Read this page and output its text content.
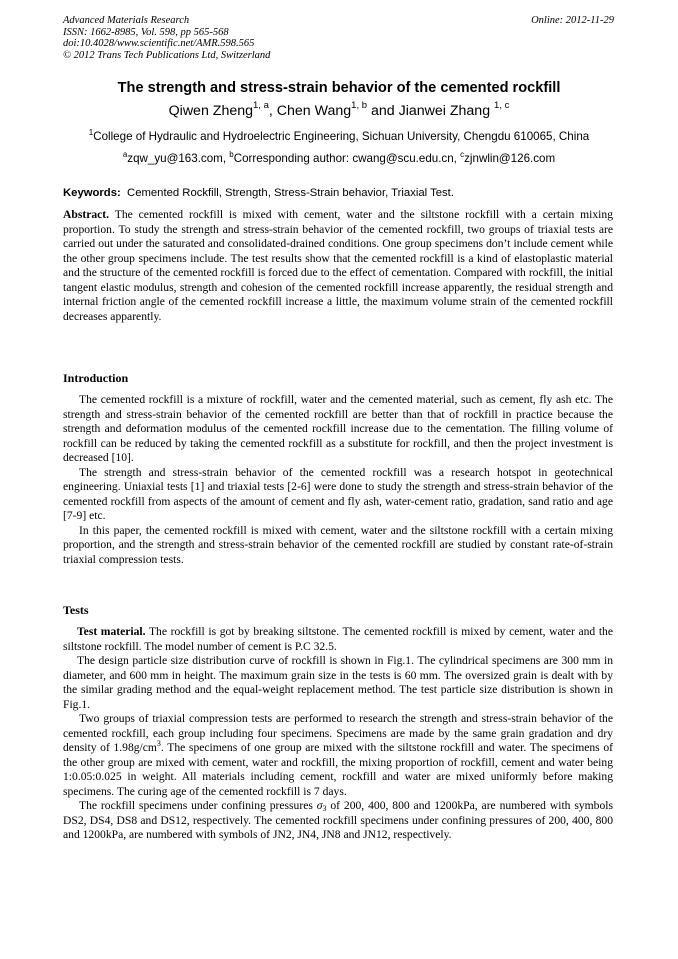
Advanced Materials Research
ISSN: 1662-8985, Vol. 598, pp 565-568
doi:10.4028/www.scientific.net/AMR.598.565
© 2012 Trans Tech Publications Ltd, Switzerland
Online: 2012-11-29
The strength and stress-strain behavior of the cemented rockfill
Qiwen Zheng$^{1, a}$, Chen Wang$^{1, b}$ and Jianwei Zhang $^{1, c}$
$^1$College of Hydraulic and Hydroelectric Engineering, Sichuan University, Chengdu 610065, China
$^a$zqw_yu@163.com, $^b$Corresponding author: cwang@scu.edu.cn, $^c$zjnwlin@126.com
Keywords:  Cemented Rockfill, Strength, Stress-Strain behavior, Triaxial Test.

Abstract. The cemented rockfill is mixed with cement, water and the siltstone rockfill with a certain mixing proportion. To study the strength and stress-strain behavior of the cemented rockfill, two groups of triaxial tests are carried out under the saturated and consolidated-drained conditions. One group specimens don’t include cement while the other group specimens include. The test results show that the cemented rockfill is a kind of elastoplastic material and the structure of the cemented rockfill is forced due to the effect of cementation. Compared with rockfill, the initial tangent elastic modulus, strength and cohesion of the cemented rockfill increase apparently, the residual strength and internal friction angle of the cemented rockfill increase a little, the maximum volume strain of the cemented rockfill decreases apparently.

Introduction

The cemented rockfill is a mixture of rockfill, water and the cemented material, such as cement, fly ash etc. The strength and stress-strain behavior of the cemented rockfill are better than that of rockfill in practice because the strength and deformation modulus of the cemented rockfill increase due to the cementation. The filling volume of rockfill can be reduced by taking the cemented rockfill as a substitute for rockfill, and then the project investment is decreased [10].

The strength and stress-strain behavior of the cemented rockfill was a research hotspot in geotechnical engineering. Uniaxial tests [1] and triaxial tests [2-6] were done to study the strength and stress-strain behavior of the cemented rockfill from aspects of the amount of cement and fly ash, water-cement ratio, gradation, sand ratio and age [7-9] etc.

In this paper, the cemented rockfill is mixed with cement, water and the siltstone rockfill with a certain mixing proportion, and the strength and stress-strain behavior of the cemented rockfill are studied by constant rate-of-strain triaxial compression tests.

Tests

Test material. The rockfill is got by breaking siltstone. The cemented rockfill is mixed by cement, water and the siltstone rockfill. The model number of cement is P.C 32.5.

The design particle size distribution curve of rockfill is shown in Fig.1. The cylindrical specimens are 300 mm in diameter, and 600 mm in height. The maximum grain size in the tests is 60 mm. The oversized grain is dealt with by the similar grading method and the equal-weight replacement method. The test particle size distribution is shown in Fig.1.

Two groups of triaxial compression tests are performed to research the strength and stress-strain behavior of the cemented rockfill, each group including four specimens. Specimens are made by the same grain gradation and dry density of $1.98g/cm^3$. The specimens of one group are mixed with the siltstone rockfill and water. The specimens of the other group are mixed with cement, water and rockfill, the mixing proportion of rockfill, cement and water being 1:0.05:0.025 in weight. All materials including cement, rockfill and water are mixed uniformly before making specimens. The curing age of the cemented rockfill is 7 days.

The rockfill specimens under confining pressures $\sigma_3$ of 200, 400, 800 and 1200kPa, are numbered with symbols DS2, DS4, DS8 and DS12, respectively. The cemented rockfill specimens under confining pressures of 200, 400, 800 and 1200kPa, are numbered with symbols of JN2, JN4, JN8 and JN12, respectively.
